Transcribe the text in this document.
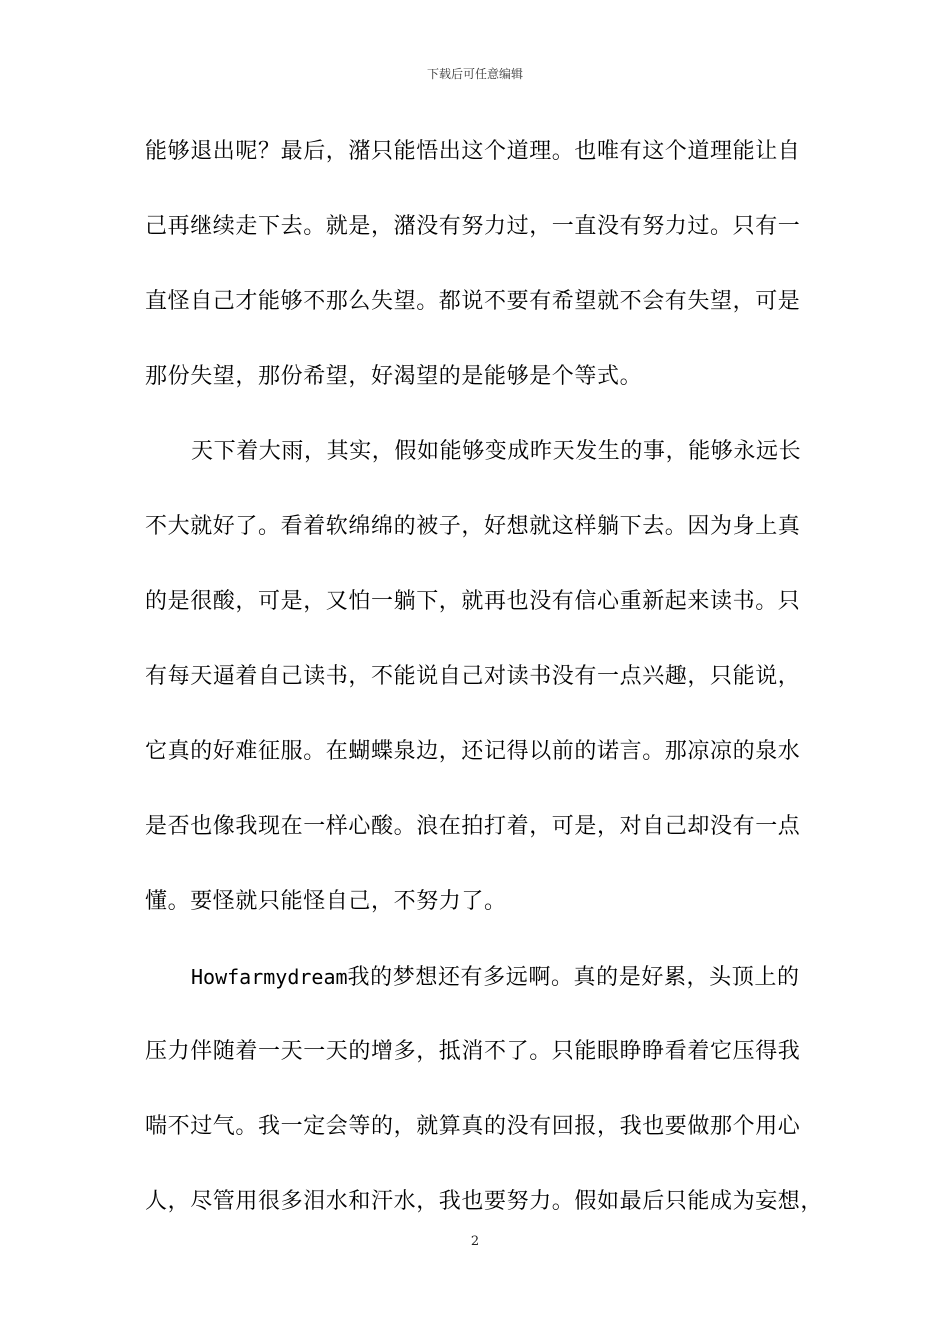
下载后可任意编辑
能够退出呢？最后，潴只能悟出这个道理。也唯有这个道理能让自
己再继续走下去。就是，潴没有努力过，一直没有努力过。只有一
直怪自己才能够不那么失望。都说不要有希望就不会有失望，可是
那份失望，那份希望，好渴望的是能够是个等式。
天下着大雨，其实，假如能够变成昨天发生的事，能够永远长
不大就好了。看着软绵绵的被子，好想就这样躺下去。因为身上真
的是很酸，可是，又怕一躺下，就再也没有信心重新起来读书。只
有每天逼着自己读书，不能说自己对读书没有一点兴趣，只能说，
它真的好难征服。在蝴蝶泉边，还记得以前的诺言。那凉凉的泉水
是否也像我现在一样心酸。浪在拍打着，可是，对自己却没有一点
懂。要怪就只能怪自己，不努力了。
Howfarmydream我的梦想还有多远啊。真的是好累，头顶上的
压力伴随着一天一天的增多，抵消不了。只能眼睁睁看着它压得我
喘不过气。我一定会等的，就算真的没有回报，我也要做那个用心
人，尽管用很多泪水和汗水，我也要努力。假如最后只能成为妄想，
2
